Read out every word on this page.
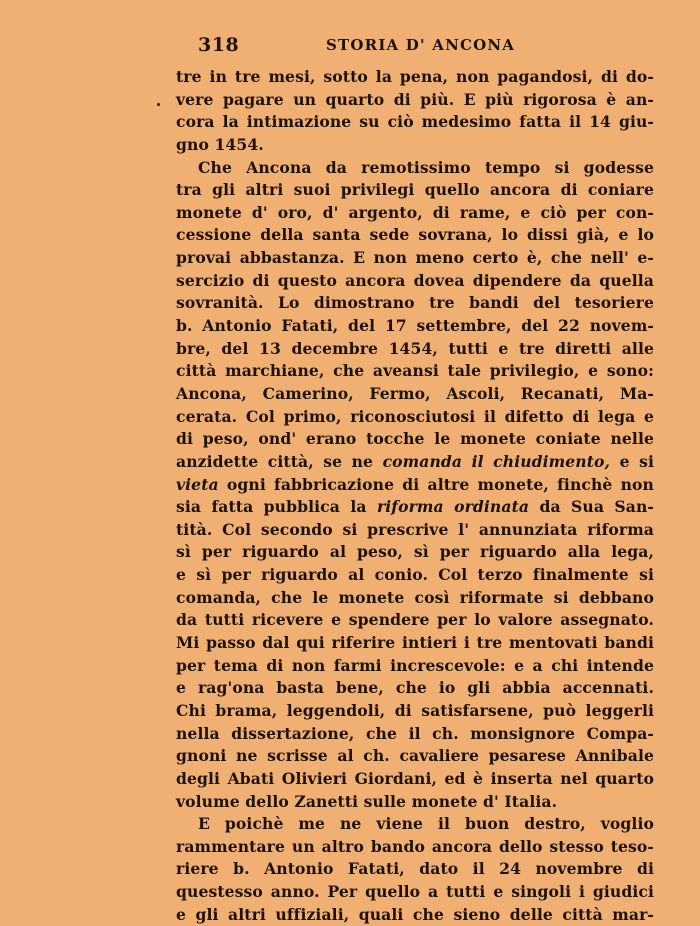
318	STORIA D' ANCONA
tre in tre mesi, sotto la pena, non pagandosi, di do-
vere pagare un quarto di più. E più rigorosa è an-
cora la intimazione su ciò medesimo fatta il 14 giu-
gno 1454.
Che Ancona da remotissimo tempo si godesse
tra gli altri suoi privilegi quello ancora di coniare
monete d' oro, d' argento, di rame, e ciò per con-
cessione della santa sede sovrana, lo dissi già, e lo
provai abbastanza. E non meno certo è, che nell' e-
sercizio di questo ancora dovea dipendere da quella
sovranità. Lo dimostrano tre bandi del tesoriere
b. Antonio Fatati, del 17 settembre, del 22 novem-
bre, del 13 decembre 1454, tutti e tre diretti alle
città marchiane, che aveansi tale privilegio, e sono:
Ancona, Camerino, Fermo, Ascoli, Recanati, Ma-
cerata. Col primo, riconosciutosi il difetto di lega e
di peso, ond' erano tocche le monete coniate nelle
anzidette città, se ne comanda il chiudimento, e si
vieta ogni fabbricazione di altre monete, finchè non
sia fatta pubblica la riforma ordinata da Sua San-
tità. Col secondo si prescrive l' annunziata riforma
sì per riguardo al peso, sì per riguardo alla lega,
e sì per riguardo al conio. Col terzo finalmente si
comanda, che le monete così riformate si debbano
da tutti ricevere e spendere per lo valore assegnato.
Mi passo dal qui riferire intieri i tre mentovati bandi
per tema di non farmi increscevole: e a chi intende
e rag'ona basta bene, che io gli abbia accennati.
Chi brama, leggendoli, di satisfarsene, può leggerli
nella dissertazione, che il ch. monsignore Compa-
gnoni ne scrisse al ch. cavaliere pesarese Annibale
degli Abati Olivieri Giordani, ed è inserta nel quarto
volume dello Zanetti sulle monete d' Italia.
E poichè me ne viene il buon destro, voglio
rammentare un altro bando ancora dello stesso teso-
riere b. Antonio Fatati, dato il 24 novembre di
questesso anno. Per quello a tutti e singoli i giudici
e gli altri uffiziali, quali che sieno delle città mar-
